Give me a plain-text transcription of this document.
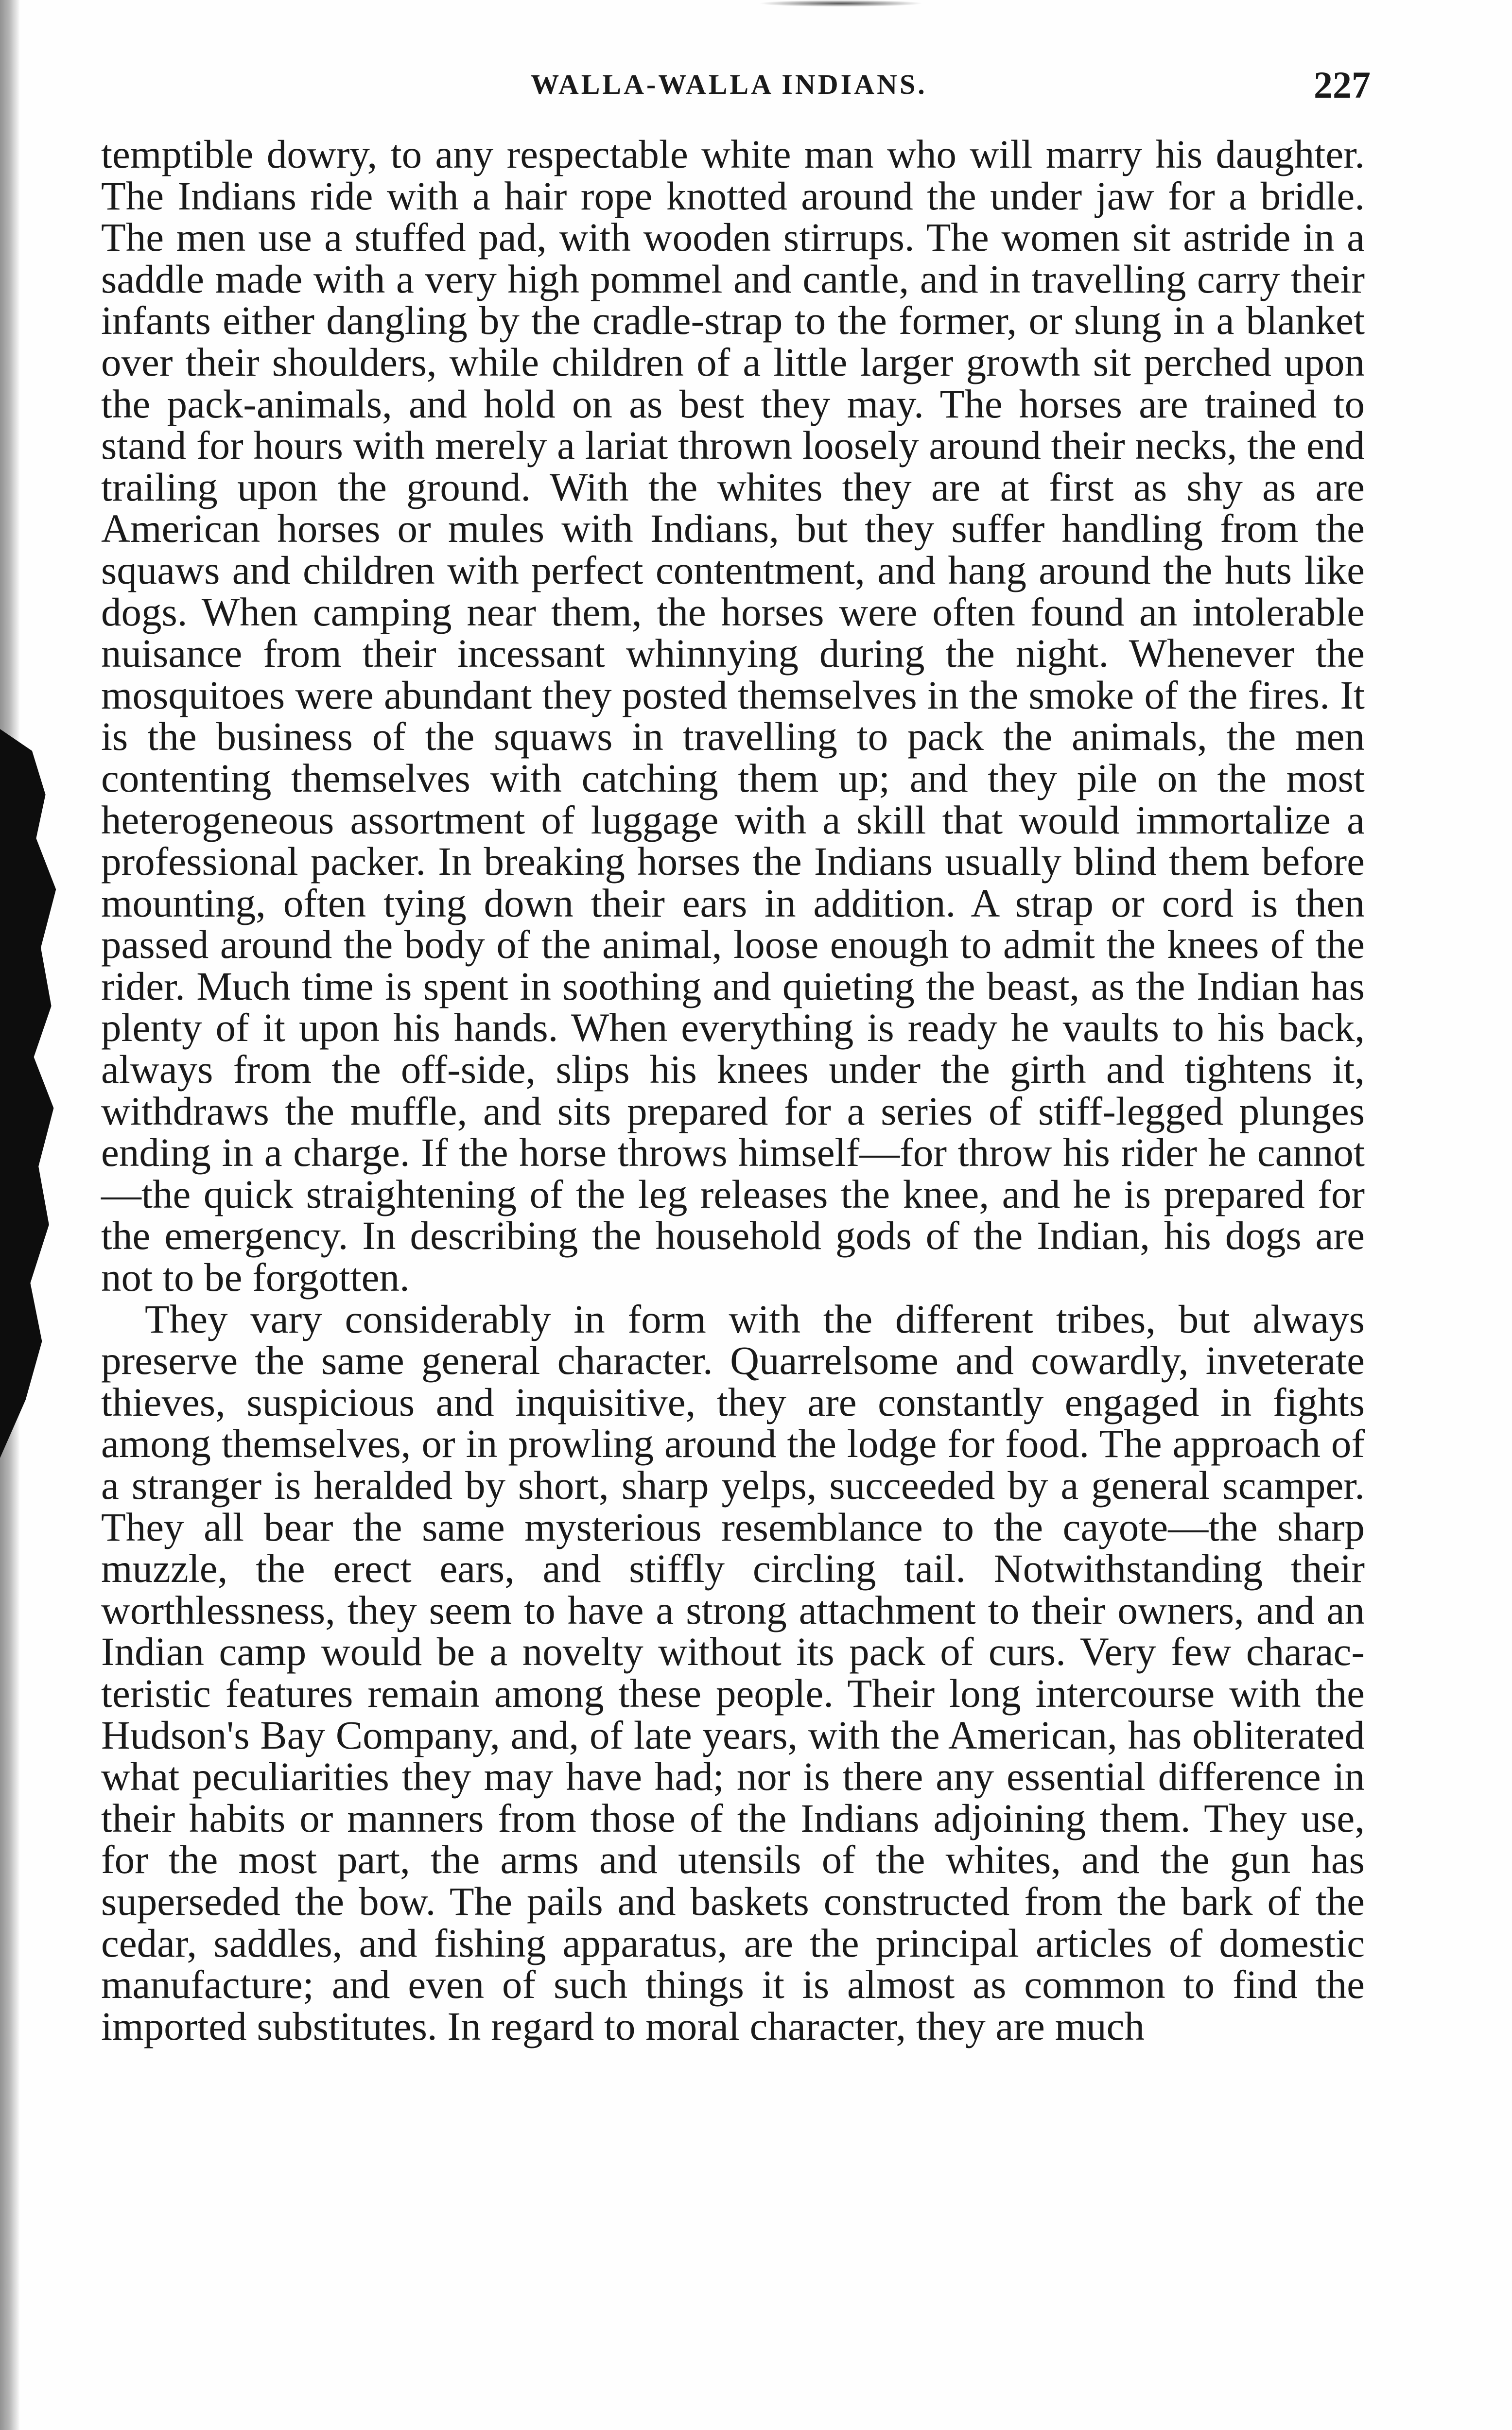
WALLA-WALLA INDIANS.	227

temptible dowry, to any respectable white man who will marry his daughter. The Indians ride with a hair rope knotted around the under jaw for a bridle. The men use a stuffed pad, with wooden stirrups. The women sit astride in a saddle made with a very high pommel and cantle, and in travelling carry their infants either dangling by the cradle-strap to the former, or slung in a blanket over their shoulders, while children of a little larger growth sit perched upon the pack-animals, and hold on as best they may. The horses are trained to stand for hours with merely a lariat thrown loosely around their necks, the end trailing upon the ground. With the whites they are at first as shy as are American horses or mules with Indians, but they suffer handling from the squaws and children with perfect contentment, and hang around the huts like dogs. When camping near them, the horses were often found an intolerable nuisance from their incessant whinnying during the night. Whenever the mosquitoes were abundant they posted themselves in the smoke of the fires. It is the business of the squaws in travelling to pack the animals, the men contenting themselves with catching them up; and they pile on the most heterogeneous assortment of luggage with a skill that would immortalize a professional packer. In breaking horses the Indians usually blind them before mounting, often tying down their ears in addition. A strap or cord is then passed around the body of the animal, loose enough to admit the knees of the rider. Much time is spent in soothing and quieting the beast, as the Indian has plenty of it upon his hands. When everything is ready he vaults to his back, always from the off-side, slips his knees under the girth and tightens it, withdraws the muffle, and sits prepared for a series of stiff-legged plunges ending in a charge. If the horse throws himself—for throw his rider he cannot—the quick straightening of the leg releases the knee, and he is prepared for the emergency. In describing the household gods of the Indian, his dogs are not to be forgotten.

They vary considerably in form with the different tribes, but always preserve the same general character. Quarrelsome and cowardly, inveterate thieves, suspicious and inquisitive, they are constantly engaged in fights among themselves, or in prowling around the lodge for food. The approach of a stranger is heralded by short, sharp yelps, succeeded by a general scamper. They all bear the same mysterious resemblance to the cayote—the sharp muzzle, the erect ears, and stiffly circling tail. Notwithstanding their worthlessness, they seem to have a strong attachment to their owners, and an Indian camp would be a novelty without its pack of curs. Very few characteristic features remain among these people. Their long intercourse with the Hudson's Bay Company, and, of late years, with the American, has obliterated what peculiarities they may have had; nor is there any essential difference in their habits or manners from those of the Indians adjoining them. They use, for the most part, the arms and utensils of the whites, and the gun has superseded the bow. The pails and baskets constructed from the bark of the cedar, saddles, and fishing apparatus, are the principal articles of domestic manufacture; and even of such things it is almost as common to find the imported substitutes. In regard to moral character, they are much
